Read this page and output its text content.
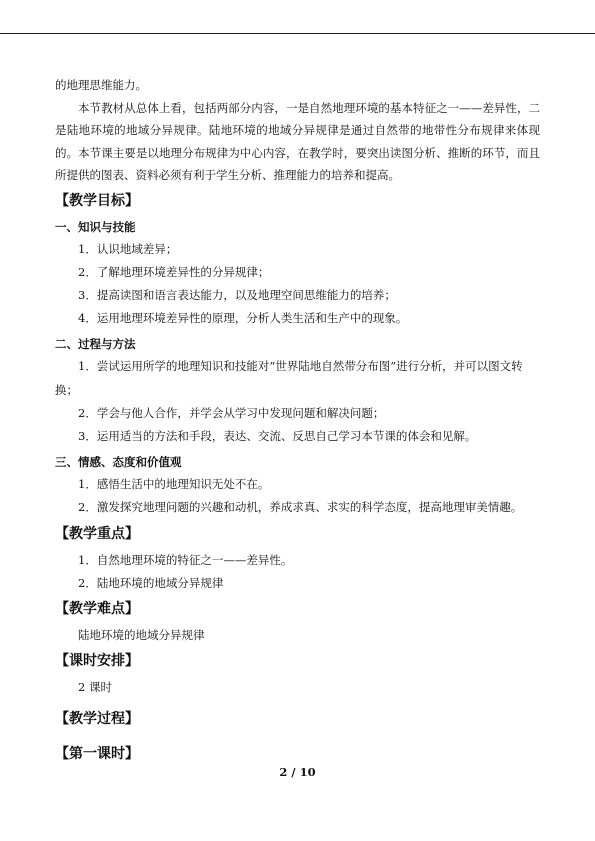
的地理思维能力。

本节教材从总体上看，包括两部分内容，一是自然地理环境的基本特征之一——差异性，二是陆地环境的地域分异规律。陆地环境的地域分异规律是通过自然带的地带性分布规律来体现的。本节课主要是以地理分布规律为中心内容，在教学时，要突出读图分析、推断的环节，而且所提供的图表、资料必须有利于学生分析、推理能力的培养和提高。

【教学目标】
一、知识与技能

1．认识地域差异；

2．了解地理环境差异性的分异规律；

3．提高读图和语言表达能力，以及地理空间思维能力的培养；

4．运用地理环境差异性的原理，分析人类生活和生产中的现象。

二、过程与方法

1．尝试运用所学的地理知识和技能对“世界陆地自然带分布图”进行分析，并可以图文转换；

2．学会与他人合作，并学会从学习中发现问题和解决问题；

3．运用适当的方法和手段，表达、交流、反思自己学习本节课的体会和见解。

三、情感、态度和价值观

1．感悟生活中的地理知识无处不在。

2．激发探究地理问题的兴趣和动机，养成求真、求实的科学态度，提高地理审美情趣。

【教学重点】

1．自然地理环境的特征之一——差异性。

2．陆地环境的地域分异规律

【教学难点】

陆地环境的地域分异规律

【课时安排】

2 课时

【教学过程】
【第一课时】
2 / 10
